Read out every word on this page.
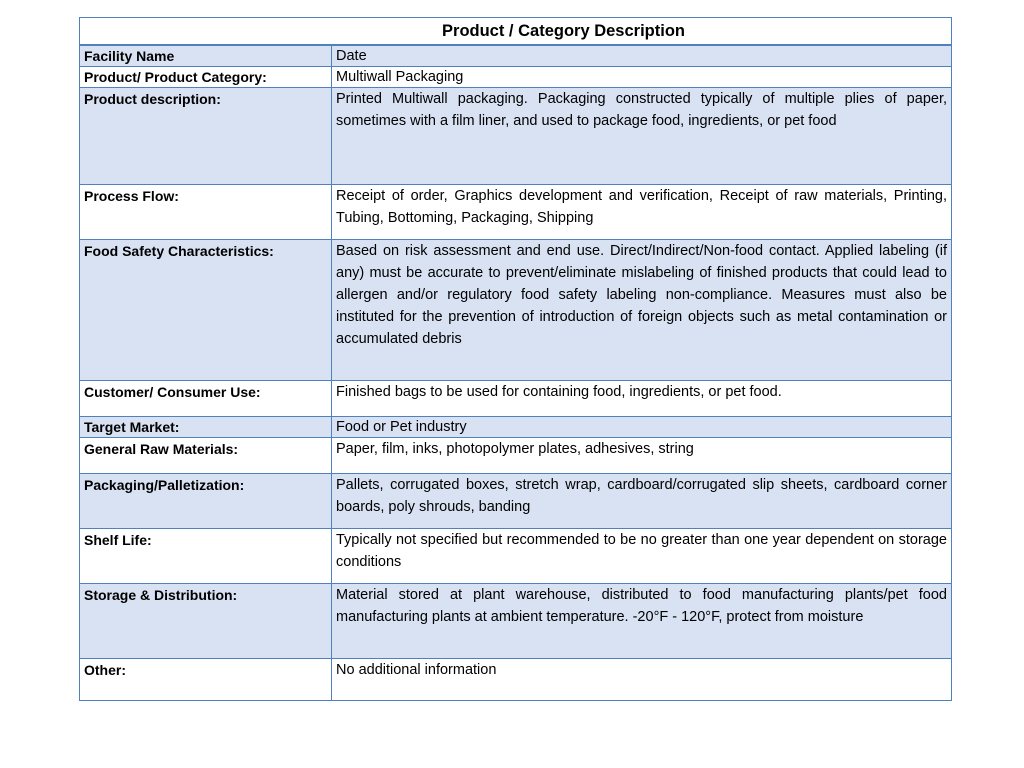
Product / Category Description	
Facility Name	Date
Product/ Product Category:	Multiwall Packaging
Product description:	Printed Multiwall packaging. Packaging constructed typically of multiple plies of paper, sometimes with a film liner, and used to package food, ingredients, or pet food
Process Flow:	Receipt of order, Graphics development and verification, Receipt of raw materials, Printing, Tubing, Bottoming, Packaging, Shipping
Food Safety Characteristics:	Based on risk assessment and end use. Direct/Indirect/Non-food contact. Applied labeling (if any) must be accurate to prevent/eliminate mislabeling of finished products that could lead to allergen and/or regulatory food safety labeling non-compliance. Measures must also be instituted for the prevention of introduction of foreign objects such as metal contamination or accumulated debris
Customer/ Consumer Use:	Finished bags to be used for containing food, ingredients, or pet food.
Target Market:	Food or Pet industry
General Raw Materials:	Paper, film, inks, photopolymer plates, adhesives, string
Packaging/Palletization:	Pallets, corrugated boxes, stretch wrap, cardboard/corrugated slip sheets, cardboard corner boards, poly shrouds, banding
Shelf Life:	Typically not specified but recommended to be no greater than one year dependent on storage conditions
Storage & Distribution:	Material stored at plant warehouse, distributed to food manufacturing plants/pet food manufacturing plants at ambient temperature. -20°F - 120°F, protect from moisture
Other:	No additional information
